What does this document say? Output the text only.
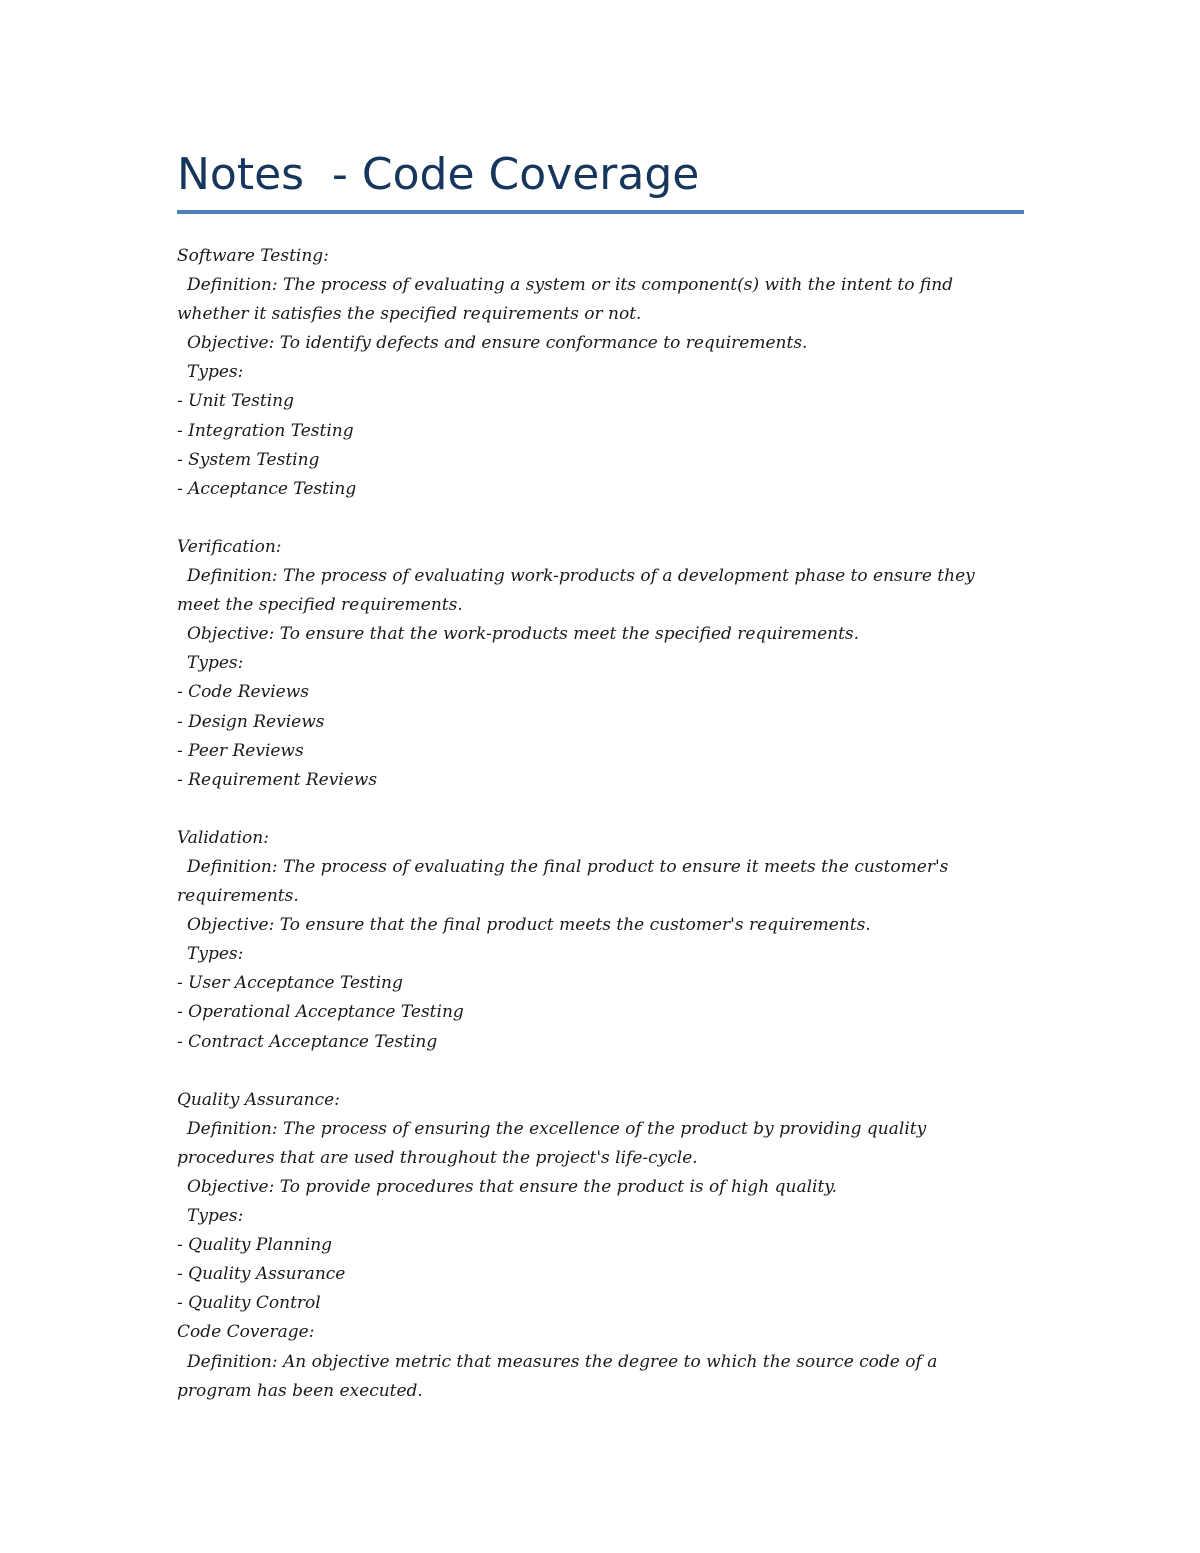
Notes  - Code Coverage
Software Testing:
Definition: The process of evaluating a system or its component(s) with the intent to find
whether it satisfies the specified requirements or not.
Objective: To identify defects and ensure conformance to requirements.
Types:
- Unit Testing
- Integration Testing
- System Testing
- Acceptance Testing
Verification:
Definition: The process of evaluating work-products of a development phase to ensure they
meet the specified requirements.
Objective: To ensure that the work-products meet the specified requirements.
Types:
- Code Reviews
- Design Reviews
- Peer Reviews
- Requirement Reviews
Validation:
Definition: The process of evaluating the final product to ensure it meets the customer's
requirements.
Objective: To ensure that the final product meets the customer's requirements.
Types:
- User Acceptance Testing
- Operational Acceptance Testing
- Contract Acceptance Testing
Quality Assurance:
Definition: The process of ensuring the excellence of the product by providing quality
procedures that are used throughout the project's life-cycle.
Objective: To provide procedures that ensure the product is of high quality.
Types:
- Quality Planning
- Quality Assurance
- Quality Control
Code Coverage:
Definition: An objective metric that measures the degree to which the source code of a
program has been executed.
